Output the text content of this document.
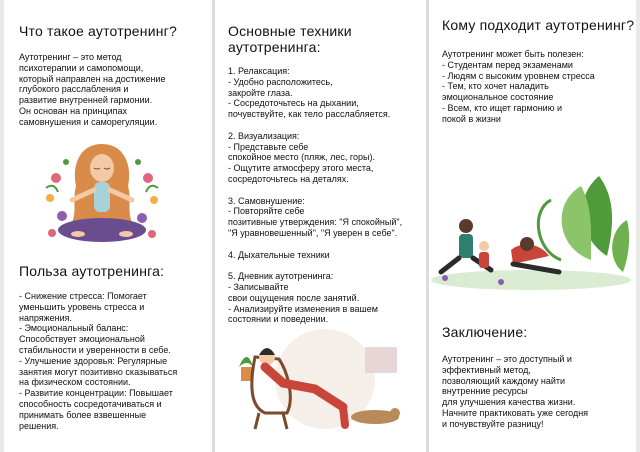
Что такое аутотренинг?
Аутотренинг – это метод
психотерапии и самопомощи,
который направлен на достижение
глубокого расслабления и
развитие внутренней гармонии.
Он основан на принципах
самовнушения и саморегуляции.
Польза аутотренинга:
- Снижение стресса: Помогает
уменьшить уровень стресса и
напряжения.
- Эмоциональный баланс:
Способствует эмоциональной
стабильности и уверенности в себе.
- Улучшение здоровья: Регулярные
занятия могут позитивно сказываться
на физическом состоянии.
- Развитие концентрации: Повышает
способность сосредотачиваться и
принимать более взвешенные
решения.
Основные техники аутотренинга:
1. Релаксация:
- Удобно расположитесь,
закройте глаза.
- Сосредоточьтесь на дыхании,
почувствуйте, как тело расслабляется.

2. Визуализация:
- Представьте себе
спокойное место (пляж, лес, горы).
- Ощутите атмосферу этого места,
сосредоточьтесь на деталях.

3. Самовнушение:
- Повторяйте себе
позитивные утверждения: "Я спокойный",
"Я уравновешенный", "Я уверен в себе".

4. Дыхательные техники

5. Дневник аутотренинга:
- Записывайте
свои ощущения после занятий.
- Анализируйте изменения в вашем
состоянии и поведении.
Кому подходит аутотренинг?
Аутотренинг может быть полезен:
- Студентам перед экзаменами
- Людям с высоким уровнем стресса
- Тем, кто хочет наладить
эмоциональное состояние
- Всем, кто ищет гармонию и
покой в жизни
Заключение:
Аутотренинг – это доступный и
эффективный метод,
позволяющий каждому найти
внутренние ресурсы
для улучшения качества жизни.
Начните практиковать уже сегодня
и почувствуйте разницу!
